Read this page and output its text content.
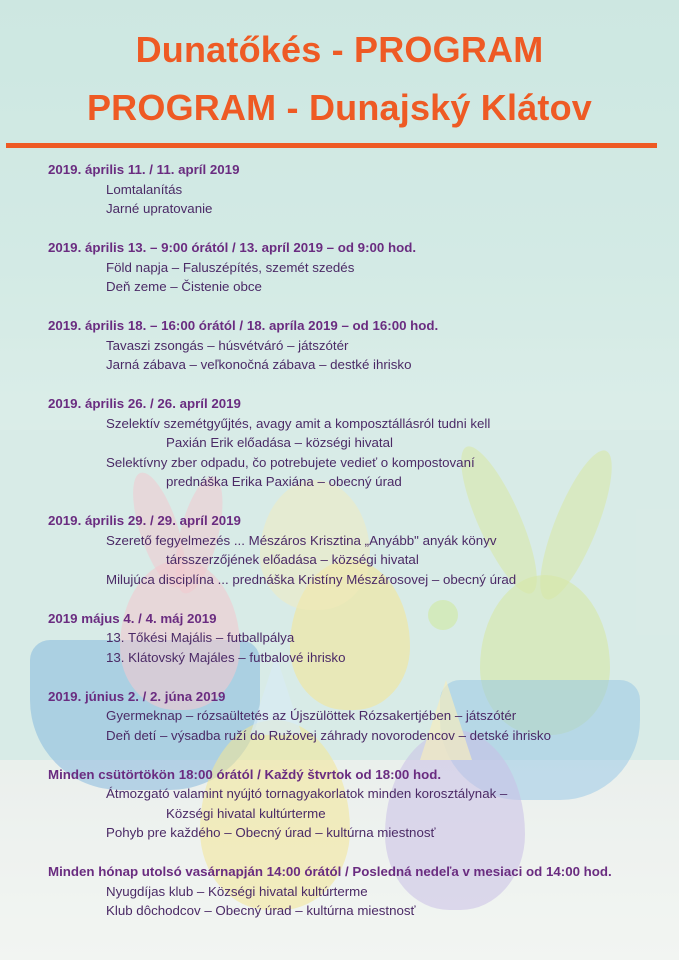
Dunatőkés - PROGRAM
PROGRAM - Dunajský Klátov
2019. április 11. / 11. apríl 2019
Lomtalanítás
Jarné upratovanie
2019. április 13. – 9:00 órától / 13. apríl 2019 – od 9:00 hod.
Föld napja – Faluszépítés, szemét szedés
Deň zeme – Čistenie obce
2019. április 18. – 16:00 órától / 18. apríla 2019 – od 16:00 hod.
Tavaszi zsongás – húsvétváró – játszótér
Jarná zábava – veľkonočná zábava – destké ihrisko
2019. április 26. / 26. apríl 2019
Szelektív szemétgyűjtés, avagy amit a komposztállásról tudni kell
Paxián Erik előadása – községi hivatal
Selektívny zber odpadu, čo potrebujete vedieť o kompostovaní
prednáška Erika Paxiána – obecný úrad
2019. április 29. / 29. apríl 2019
Szerető fegyelmezés ... Mészáros Krisztina „Anyább" anyák könyv
társszerzőjének előadása – községi hivatal
Milujúca disciplína ... prednáška Kristíny Mészárosovej – obecný úrad
2019 május 4. / 4. máj 2019
13. Tőkési Majális – futballpálya
13. Klátovský Majáles – futbalové ihrisko
2019. június 2. / 2. júna 2019
Gyermeknap – rózsaültetés az Újszülöttek Rózsakertjében – játszótér
Deň detí – výsadba ruží do Ružovej záhrady novorodencov – detské ihrisko
Minden csütörtökön 18:00 órától / Každý štvrtok od 18:00 hod.
Átmozgató valamint nyújtó tornagyakorlatok minden korosztálynak –
Községi hivatal kultúrterme
Pohyb pre každého – Obecný úrad – kultúrna miestnosť
Minden hónap utolsó vasárnapján 14:00 órától / Posledná nedeľa v mesiaci od 14:00 hod.
Nyugdíjas klub – Községi hivatal kultúrterme
Klub dôchodcov – Obecný úrad – kultúrna miestnosť
